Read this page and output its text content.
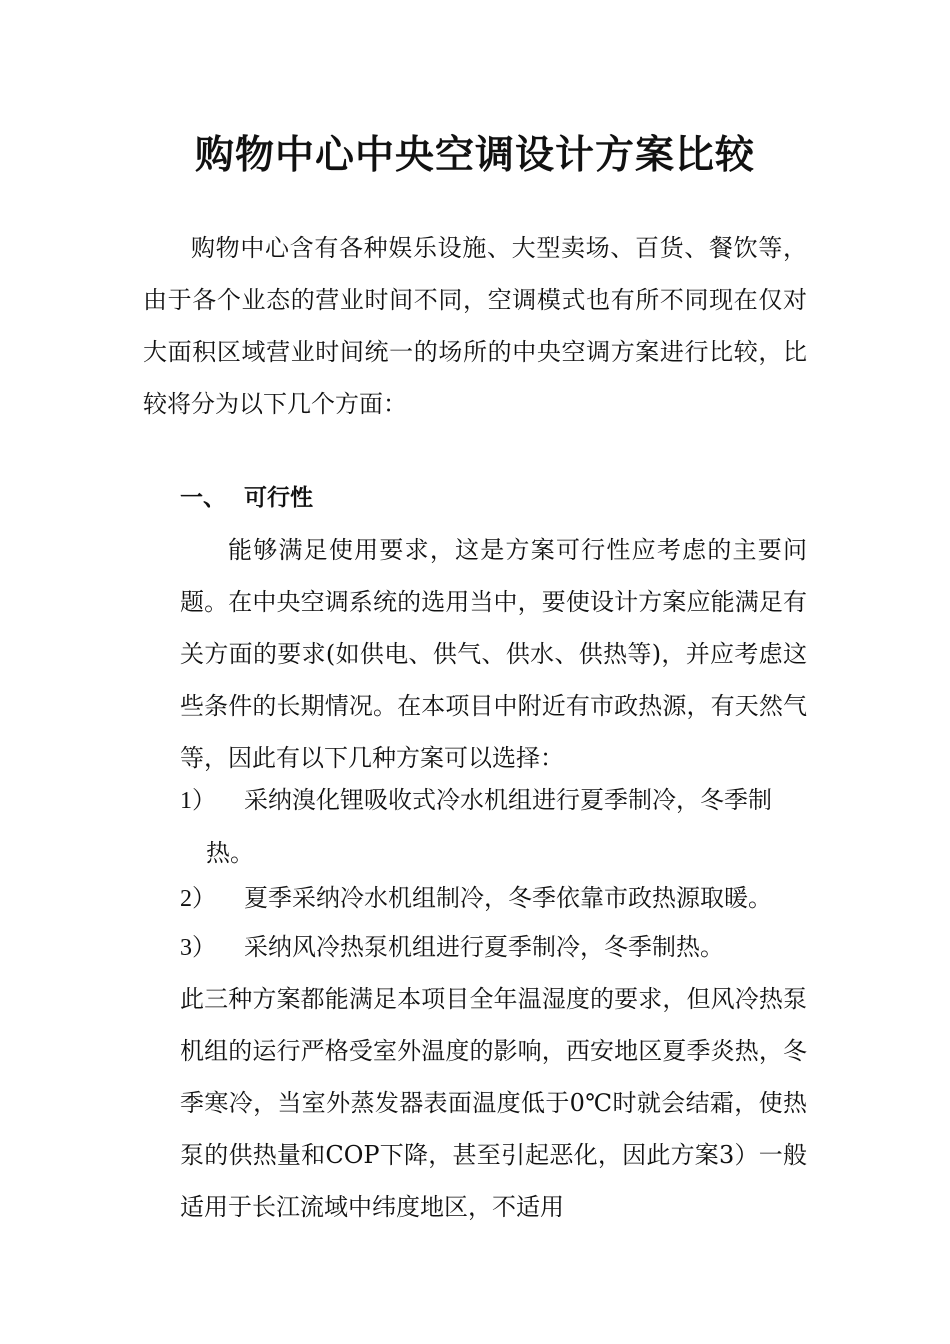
购物中心中央空调设计方案比较
购物中心含有各种娱乐设施、大型卖场、百货、餐饮等，由于各个业态的营业时间不同，空调模式也有所不同现在仅对大面积区域营业时间统一的场所的中央空调方案进行比较，比较将分为以下几个方面：
一、 可行性
能够满足使用要求，这是方案可行性应考虑的主要问题。在中央空调系统的选用当中，要使设计方案应能满足有关方面的要求(如供电、供气、供水、供热等)，并应考虑这些条件的长期情况。在本项目中附近有市政热源，有天然气等，因此有以下几种方案可以选择：
1） 采纳溴化锂吸收式冷水机组进行夏季制冷，冬季制
热。
2） 夏季采纳冷水机组制冷，冬季依靠市政热源取暖。
3） 采纳风冷热泵机组进行夏季制冷，冬季制热。
此三种方案都能满足本项目全年温湿度的要求，但风冷热泵机组的运行严格受室外温度的影响，西安地区夏季炎热，冬季寒冷，当室外蒸发器表面温度低于0℃时就会结霜，使热泵的供热量和COP下降，甚至引起恶化，因此方案3）一般适用于长江流域中纬度地区，不适用
